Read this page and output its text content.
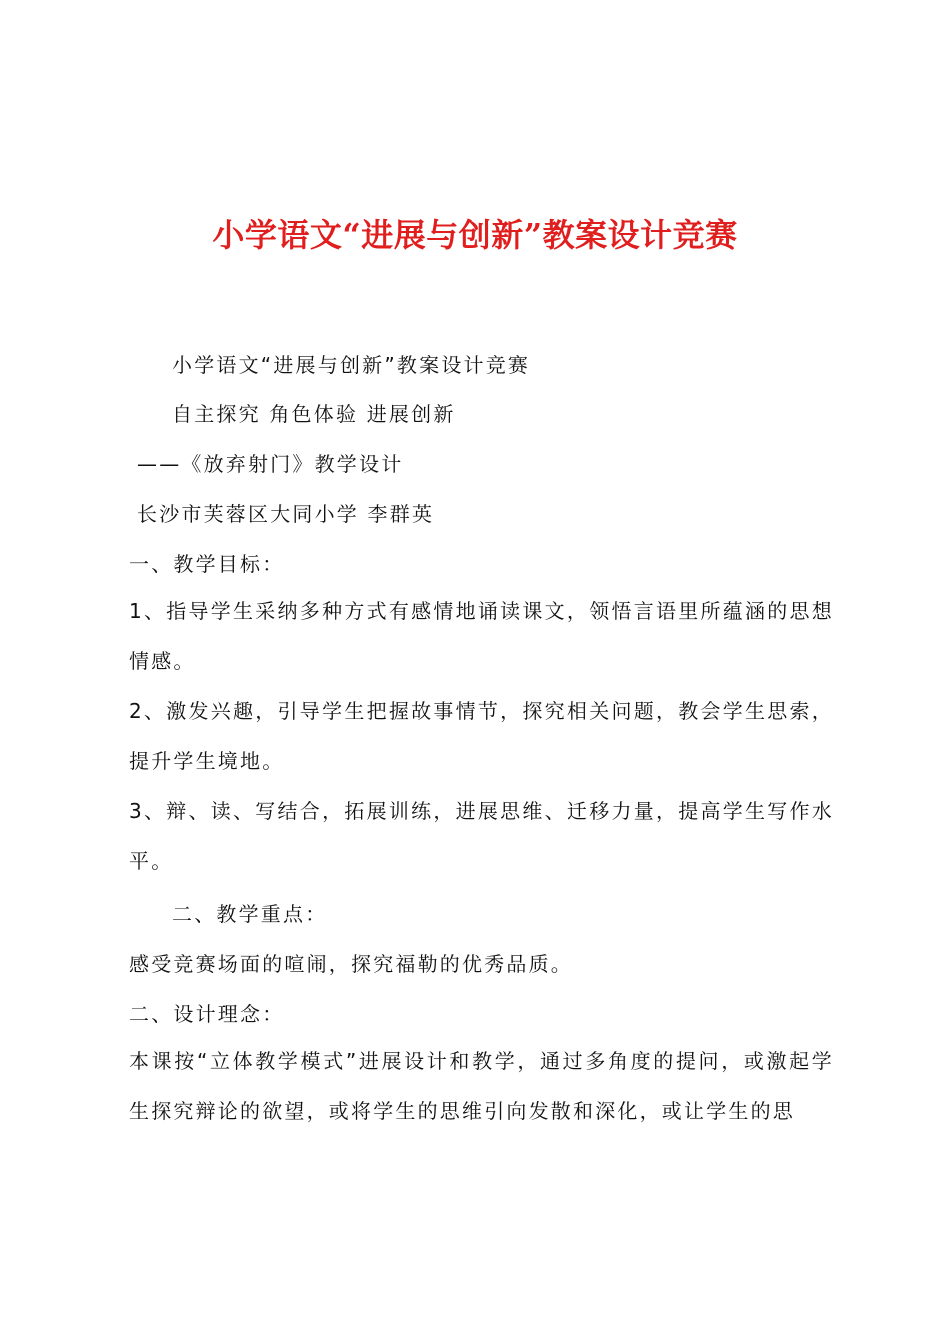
小学语文“进展与创新”教案设计竞赛
小学语文“进展与创新”教案设计竞赛
自主探究 角色体验 进展创新
——《放弃射门》教学设计
长沙市芙蓉区大同小学 李群英
一、教学目标：
1、指导学生采纳多种方式有感情地诵读课文，领悟言语里所蕴涵的思想情感。
2、激发兴趣，引导学生把握故事情节，探究相关问题，教会学生思索，提升学生境地。
3、辩、读、写结合，拓展训练，进展思维、迁移力量，提高学生写作水平。
二、教学重点：
感受竞赛场面的喧闹，探究福勒的优秀品质。
二、设计理念：
本课按“立体教学模式”进展设计和教学，通过多角度的提问，或激起学生探究辩论的欲望，或将学生的思维引向发散和深化，或让学生的思
